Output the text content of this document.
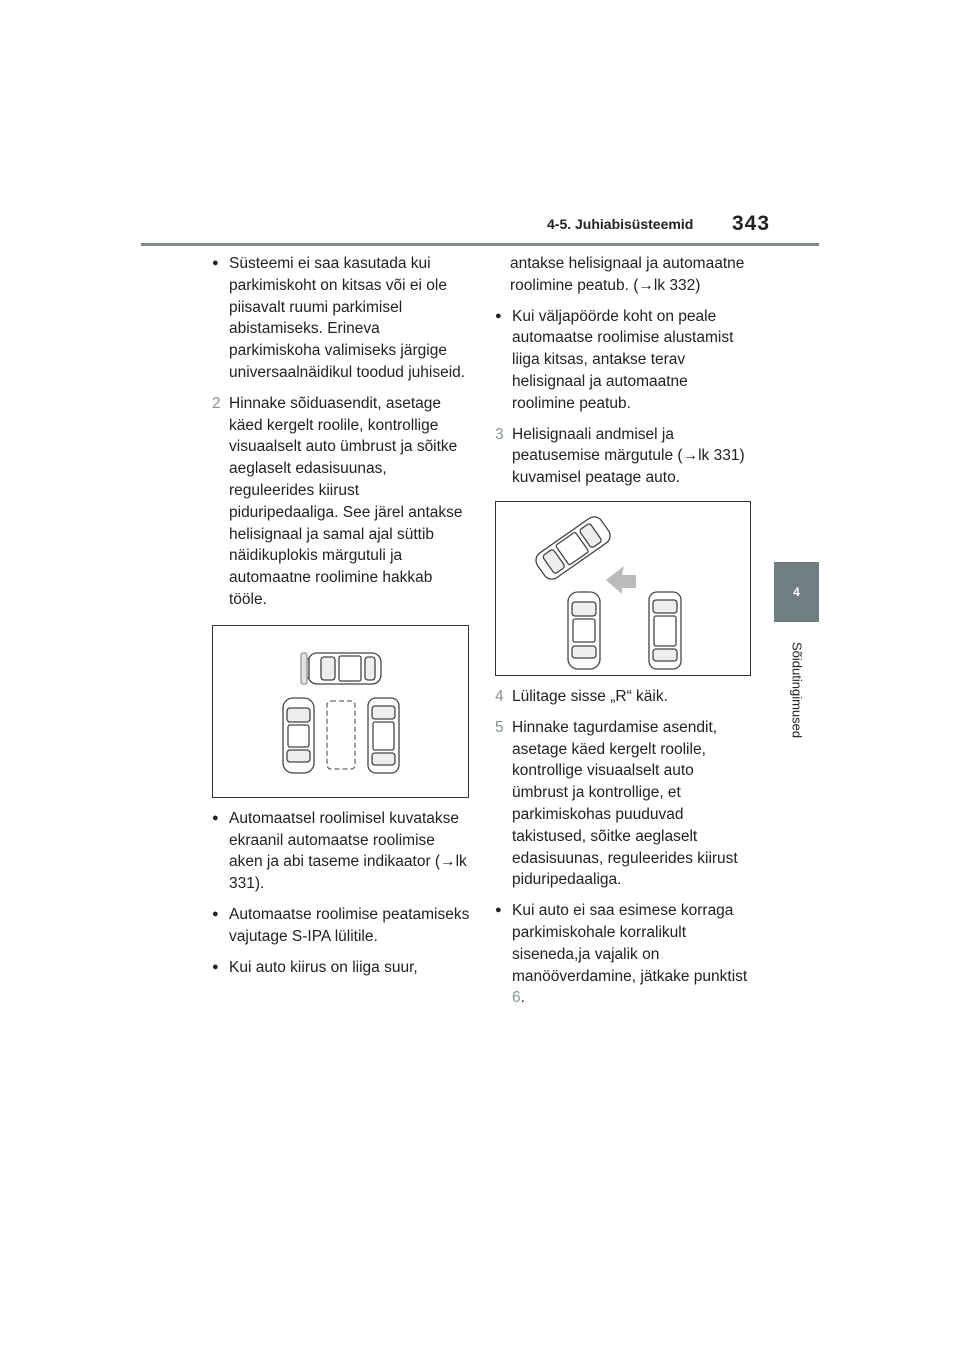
4-5. Juhiabisüsteemid 343
4
Sõidutingimused
● Süsteemi ei saa kasutada kui parkimiskoht on kitsas või ei ole piisavalt ruumi parkimisel abistamiseks. Erineva parkimiskoha valimiseks järgige universaalnäidikul toodud juhiseid.
2 Hinnake sõiduasendit, asetage käed kergelt roolile, kontrollige visuaalselt auto ümbrust ja sõitke aeglaselt edasisuunas, reguleerides kiirust piduripedaaliga. See järel antakse helisignaal ja samal ajal süttib näidikuplokis märgutuli ja automaatne roolimine hakkab tööle.
● Automaatsel roolimisel kuvatakse ekraanil automaatse roolimise aken ja abi taseme indikaator (→lk 331).
● Automaatse roolimise peatamiseks vajutage S-IPA lülitile.
● Kui auto kiirus on liiga suur,
antakse helisignaal ja automaatne roolimine peatub. (→lk 332)
● Kui väljapöörde koht on peale automaatse roolimise alustamist liiga kitsas, antakse terav helisignaal ja automaatne roolimine peatub.
3 Helisignaali andmisel ja peatusemise märgutule (→lk 331) kuvamisel peatage auto.
4 Lülitage sisse „R“ käik.
5 Hinnake tagurdamise asendit, asetage käed kergelt roolile, kontrollige visuaalselt auto ümbrust ja kontrollige, et parkimiskohas puuduvad takistused, sõitke aeglaselt edasisuunas, reguleerides kiirust piduripedaaliga.
● Kui auto ei saa esimese korraga parkimiskohale korralikult siseneda,ja vajalik on manööverdamine, jätkake punktist 6.
